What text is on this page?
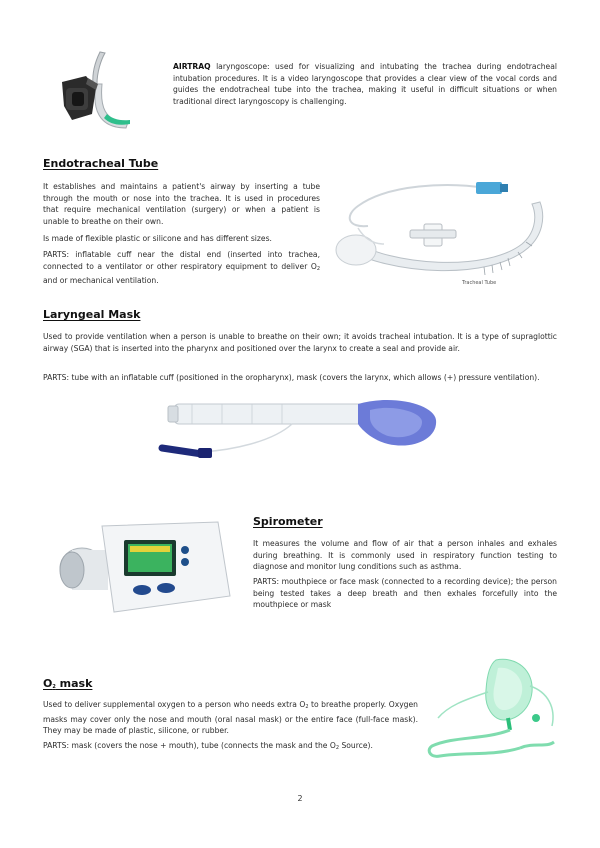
AIRTRAQ laryngoscope: used for visualizing and intubating the trachea during endotracheal intubation procedures. It is a video laryngoscope that provides a clear view of the vocal cords and guides the endotracheal tube into the trachea, making it useful in difficult situations or when traditional direct laryngoscopy is challenging.

Endotracheal Tube

It establishes and maintains a patient's airway by inserting a tube through the mouth or nose into the trachea. It is used in procedures that require mechanical ventilation (surgery) or when a patient is unable to breathe on their own.

Is made of flexible plastic or silicone and has different sizes.

PARTS: inflatable cuff near the distal end (inserted into trachea, connected to a ventilator or other respiratory equipment to deliver $O_2$ and or mechanical ventilation.	Tracheal Tube
Laryngeal Mask

Used to provide ventilation when a person is unable to breathe on their own; it avoids tracheal intubation. It is a type of supraglottic airway (SGA) that is inserted into the pharynx and positioned over the larynx to create a seal and provide air.

PARTS: tube with an inflatable cuff (positioned in the oropharynx), mask (covers the larynx, which allows (+) pressure ventilation).

Spirometer

It measures the volume and flow of air that a person inhales and exhales during breathing. It is commonly used in respiratory function testing to diagnose and monitor lung conditions such as asthma.

PARTS: mouthpiece or face mask (connected to a recording device); the person being tested takes a deep breath and then exhales forcefully into the mouthpiece or mask

$O_2$ mask

Used to deliver supplemental oxygen to a person who needs extra $O_2$ to breathe properly. Oxygen masks may cover only the nose and mouth (oral nasal mask) or the entire face (full-face mask). They may be made of plastic, silicone, or rubber.

PARTS: mask (covers the nose + mouth), tube (connects the mask and the $O_2$ Source).

2
